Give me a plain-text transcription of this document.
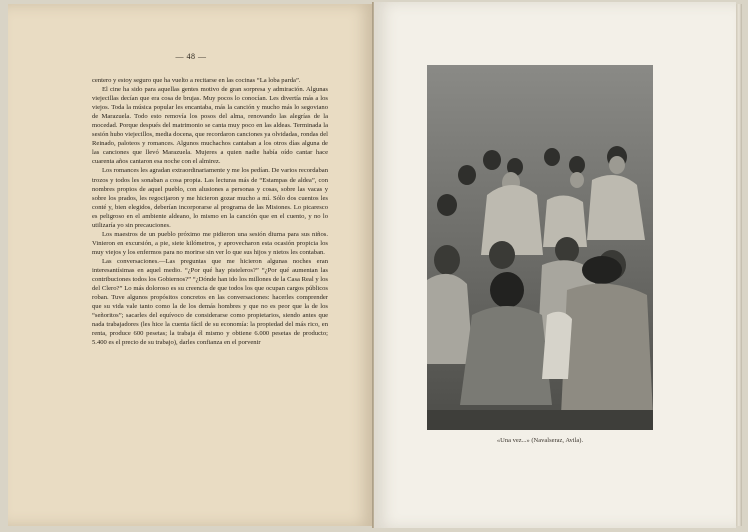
— 48 —

centero y estoy seguro que ha vuelto a recitarse en las cocinas “La loba parda”.

El cine ha sido para aquellas gentes motivo de gran sorpresa y admiración. Algunas viejecillas decían que era cosa de brujas. Muy pocos lo conocían. Les divertía más a los viejos. Toda la música popular les encantaba, más la canción y mucho más lo segoviano de Marazuela. Todo esto removía los posos del alma, renovando las alegrías de la mocedad. Porque después del matrimonio se canta muy poco en las aldeas. Terminada la sesión hubo viejecillos, media docena, que recordaron canciones ya olvidadas, rondas del Reinado, paloteos y romances. Algunos muchachos cantaban a los otros días alguna de las canciones que llevó Marazuela. Mujeres a quien nadie había oído cantar hace cuarenta años cantaron esa noche con el almirez.

Los romances les agradan extraordinariamente y me los pedían. De varios recordaban trozos y todos les sonaban a cosa propia. Las lecturas más de “Estampas de aldea”, con nombres propios de aquel pueblo, con alusiones a personas y cosas, sobre las vacas y sobre los prados, les regocijaron y me hicieron gozar mucho a mí. Sólo dos cuentos les conté y, bien elegidos, deberían incorporarse al programa de las Misiones. Lo picaresco es peligroso en el ambiente aldeano, lo mismo en la canción que en el cuento, y no lo utilizaría yo sin precauciones.

Los maestros de un pueblo próximo me pidieron una sesión diurna para sus niños. Vinieron en excursión, a pie, siete kilómetros, y aprovecharon esta ocasión propicia los muy viejos y los enfermos para no morirse sin ver lo que sus hijos y nietos les contaban.

Las conversaciones.—Las preguntas que me hicieron algunas noches eran interesantísimas en aquel medio. “¿Por qué hay pisteleros?” “¿Por qué aumentan las contribuciones todos los Gobiernos?” “¿Dónde han ido los millones de la Casa Real y los del Clero?” Lo más doloroso es su creencia de que todos los que ocupan cargos públicos roban. Tuve algunos propósitos concretos en las conversaciones: hacerles comprender que su vida vale tanto como la de los demás hombres y que no es peor que la de los “señoritos”; sacarles del equívoco de considerarse como propietarios, siendo antes que nada trabajadores (les hice la cuenta fácil de su economía: la propiedad del más rico, en renta, produce 600 pesetas; la trabaja él mismo y obtiene 6.000 pesetas de producto; 5.400 es el precio de su trabajo), darles confianza en el porvenir

«Una vez...» (Navalseraz, Avila).
